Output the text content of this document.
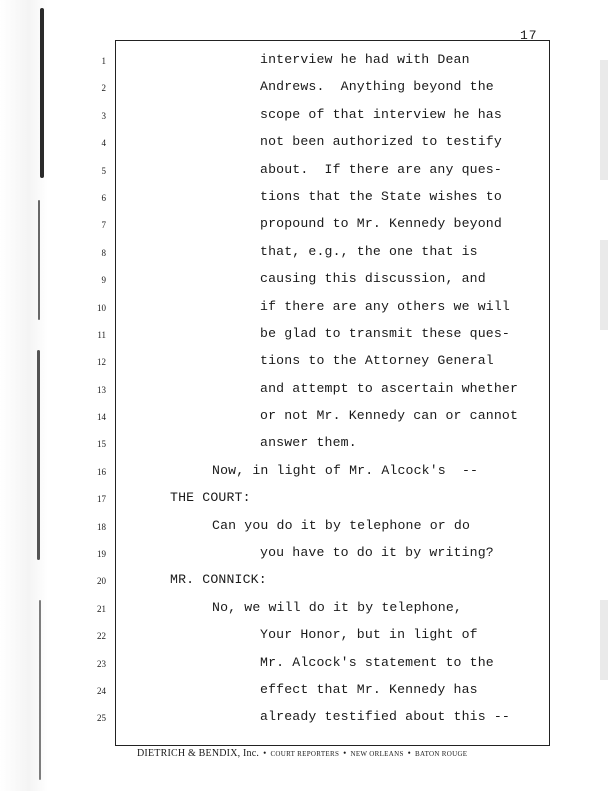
17
1
2
3
4
5
6
7
8
9
10
11
12
13
14
15
16
17
18
19
20
21
22
23
24
25
interview he had with Dean
Andrews.  Anything beyond the
scope of that interview he has
not been authorized to testify
about.  If there are any ques-
tions that the State wishes to
propound to Mr. Kennedy beyond
that, e.g., the one that is
causing this discussion, and
if there are any others we will
be glad to transmit these ques-
tions to the Attorney General
and attempt to ascertain whether
or not Mr. Kennedy can or cannot
answer them.
Now, in light of Mr. Alcock's  --
THE COURT:
Can you do it by telephone or do
you have to do it by writing?
MR. CONNICK:
No, we will do it by telephone,
Your Honor, but in light of
Mr. Alcock's statement to the
effect that Mr. Kennedy has
already testified about this --
DIETRICH & BENDIX, Inc. • COURT REPORTERS • NEW ORLEANS • BATON ROUGE
